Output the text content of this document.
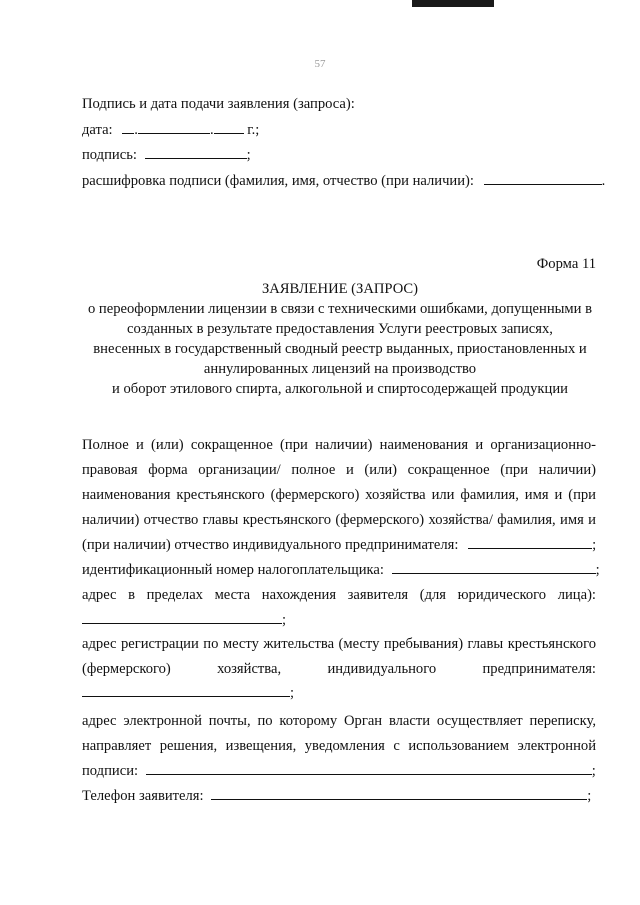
57
Подпись и дата подачи заявления (запроса):
дата: .	. г.;
подпись:	;
расшифровка подписи (фамилия, имя, отчество (при наличии):	.
Форма 11
ЗАЯВЛЕНИЕ (ЗАПРОС)
о переоформлении лицензии в связи с техническими ошибками, допущенными в
созданных в результате предоставления Услуги реестровых записях,
внесенных в государственный сводный реестр выданных, приостановленных и
аннулированных лицензий на производство
и оборот этилового спирта, алкогольной и спиртосодержащей продукции
Полное и (или) сокращенное (при наличии) наименования и организационно-
правовая форма организации/ полное и (или) сокращенное (при наличии)
наименования крестьянского (фермерского) хозяйства или фамилия, имя и (при
наличии) отчество главы крестьянского (фермерского) хозяйства/ фамилия, имя и
(при наличии) отчество индивидуального предпринимателя:	;
идентификационный номер налогоплательщика:	;
адрес в пределах места нахождения заявителя (для юридического лица):
;
адрес регистрации по месту жительства (месту пребывания) главы крестьянского
(фермерского) хозяйства, индивидуального предпринимателя:
;
адрес электронной почты, по которому Орган власти осуществляет переписку,
направляет решения, извещения, уведомления с использованием электронной
подписи:	;
Телефон заявителя:	;
